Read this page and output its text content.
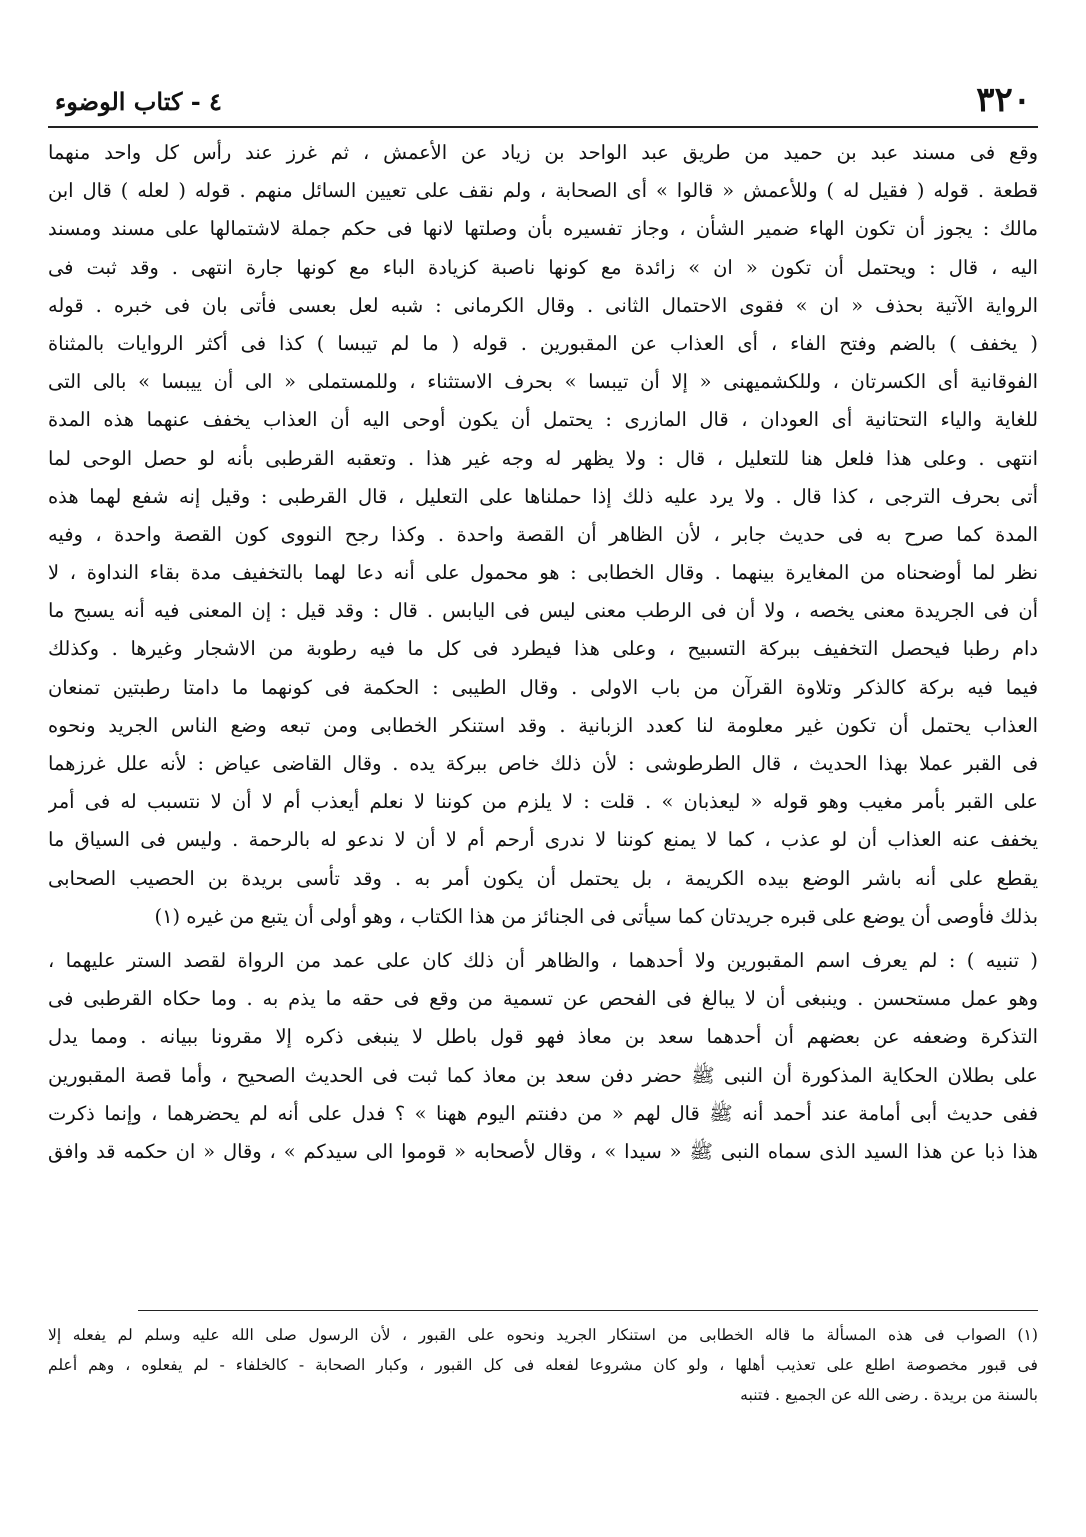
٣٢٠
٤ - كتاب الوضوء
وقع فى مسند عبد بن حميد من طريق عبد الواحد بن زياد عن الأعمش ، ثم غرز عند رأس كل واحد منهما
قطعة . قوله ( فقيل له ) وللأعمش « قالوا » أى الصحابة ، ولم نقف على تعيين السائل منهم . قوله ( لعله ) قال ابن
مالك : يجوز أن تكون الهاء ضمير الشأن ، وجاز تفسيره بأن وصلتها لانها فى حكم جملة لاشتمالها على مسند ومسند
اليه ، قال : ويحتمل أن تكون « ان » زائدة مع كونها ناصبة كزيادة الباء مع كونها جارة انتهى . وقد ثبت فى
الرواية الآتية بحذف « ان » فقوى الاحتمال الثانى . وقال الكرمانى : شبه لعل بعسى فأتى بان فى خبره . قوله
( يخفف ) بالضم وفتح الفاء ، أى العذاب عن المقبورين . قوله ( ما لم تيبسا ) كذا فى أكثر الروايات بالمثناة
الفوقانية أى الكسرتان ، وللكشميهنى « إلا أن تيبسا » بحرف الاستثناء ، وللمستملى « الى أن ييبسا » بالى التى
للغاية والياء التحتانية أى العودان ، قال المازرى : يحتمل أن يكون أوحى اليه أن العذاب يخفف عنهما هذه المدة
انتهى . وعلى هذا فلعل هنا للتعليل ، قال : ولا يظهر له وجه غير هذا . وتعقبه القرطبى بأنه لو حصل الوحى لما
أتى بحرف الترجى ، كذا قال . ولا يرد عليه ذلك إذا حملناها على التعليل ، قال القرطبى : وقيل إنه شفع لهما هذه
المدة كما صرح به فى حديث جابر ، لأن الظاهر أن القصة واحدة . وكذا رجح النووى كون القصة واحدة ، وفيه
نظر لما أوضحناه من المغايرة بينهما . وقال الخطابى : هو محمول على أنه دعا لهما بالتخفيف مدة بقاء النداوة ، لا
أن فى الجريدة معنى يخصه ، ولا أن فى الرطب معنى ليس فى اليابس . قال : وقد قيل : إن المعنى فيه أنه يسبح ما
دام رطبا فيحصل التخفيف ببركة التسبيح ، وعلى هذا فيطرد فى كل ما فيه رطوبة من الاشجار وغيرها . وكذلك
فيما فيه بركة كالذكر وتلاوة القرآن من باب الاولى . وقال الطيبى : الحكمة فى كونهما ما دامتا رطبتين تمنعان
العذاب يحتمل أن تكون غير معلومة لنا كعدد الزبانية . وقد استنكر الخطابى ومن تبعه وضع الناس الجريد ونحوه
فى القبر عملا بهذا الحديث ، قال الطرطوشى : لأن ذلك خاص ببركة يده . وقال القاضى عياض : لأنه علل غرزهما
على القبر بأمر مغيب وهو قوله « ليعذبان » . قلت : لا يلزم من كوننا لا نعلم أيعذب أم لا أن لا نتسبب له فى أمر
يخفف عنه العذاب أن لو عذب ، كما لا يمنع كوننا لا ندرى أرحم أم لا أن لا ندعو له بالرحمة . وليس فى السياق ما
يقطع على أنه باشر الوضع بيده الكريمة ، بل يحتمل أن يكون أمر به . وقد تأسى بريدة بن الحصيب الصحابى
بذلك فأوصى أن يوضع على قبره جريدتان كما سيأتى فى الجنائز من هذا الكتاب ، وهو أولى أن يتبع من غيره (١)
( تنبيه ) : لم يعرف اسم المقبورين ولا أحدهما ، والظاهر أن ذلك كان على عمد من الرواة لقصد الستر عليهما ،
وهو عمل مستحسن . وينبغى أن لا يبالغ فى الفحص عن تسمية من وقع فى حقه ما يذم به . وما حكاه القرطبى فى
التذكرة وضعفه عن بعضهم أن أحدهما سعد بن معاذ فهو قول باطل لا ينبغى ذكره إلا مقرونا ببيانه . ومما يدل
على بطلان الحكاية المذكورة أن النبى ﷺ حضر دفن سعد بن معاذ كما ثبت فى الحديث الصحيح ، وأما قصة المقبورين
ففى حديث أبى أمامة عند أحمد أنه ﷺ قال لهم « من دفنتم اليوم ههنا » ؟ فدل على أنه لم يحضرهما ، وإنما ذكرت
هذا ذبا عن هذا السيد الذى سماه النبى ﷺ « سيدا » ، وقال لأصحابه « قوموا الى سيدكم » ، وقال « ان حكمه قد وافق
(١) الصواب فى هذه المسألة ما قاله الخطابى من استنكار الجريد ونحوه على القبور ، لأن الرسول صلى الله عليه وسلم لم يفعله إلا
فى قبور مخصوصة اطلع على تعذيب أهلها ، ولو كان مشروعا لفعله فى كل القبور ، وكبار الصحابة - كالخلفاء - لم يفعلوه ، وهم أعلم
بالسنة من بريدة . رضى الله عن الجميع . فتنبه
